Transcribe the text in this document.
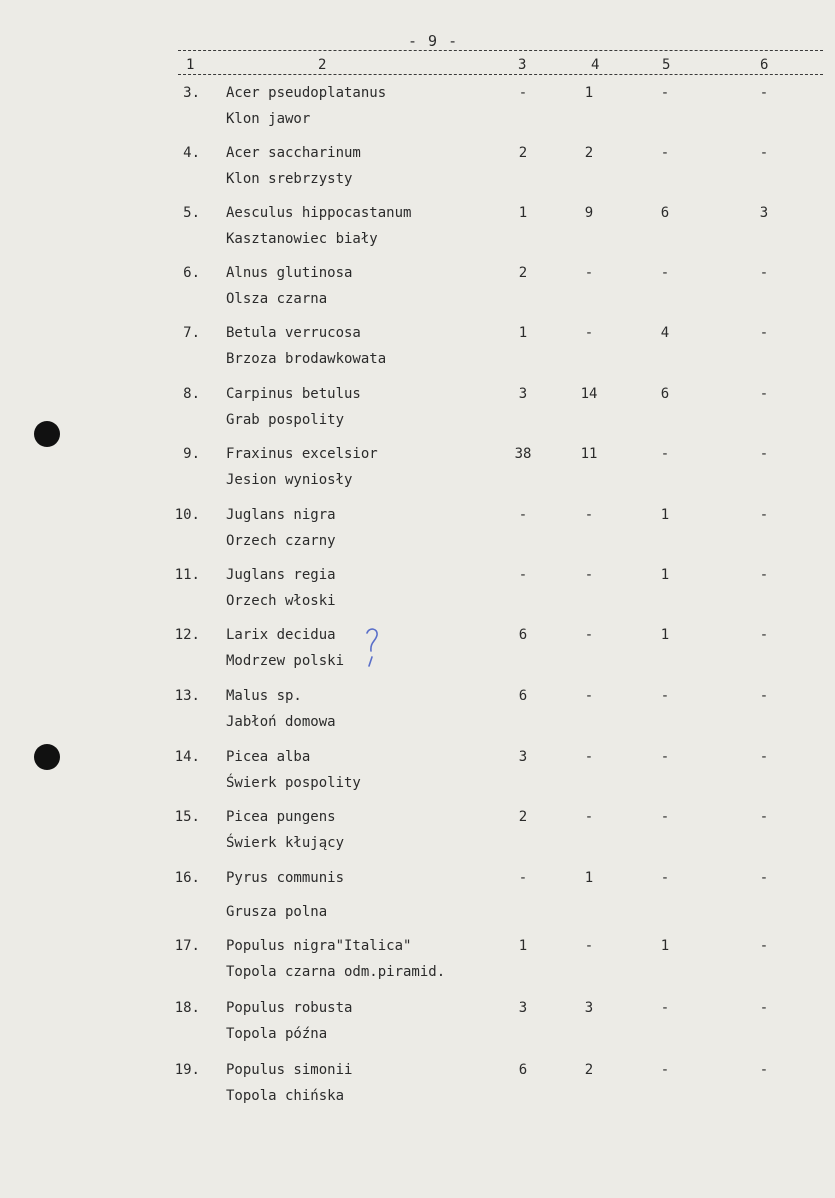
- 9 -
1	2	3	4	5	6
3. Acer pseudoplatanus
Klon jawor
-	1	-	-
4. Acer saccharinum
Klon srebrzysty
2	2	-	-
5. Aesculus hippocastanum
Kasztanowiec biały
1	9	6	3
6. Alnus glutinosa
Olsza czarna
2	-	-	-
7. Betula verrucosa
Brzoza brodawkowata
1	-	4	-
8. Carpinus betulus
Grab pospolity
3	14	6	-
9. Fraxinus excelsior
Jesion wyniosły
38	11	-	-
10. Juglans nigra
Orzech czarny
-	-	1	-
11. Juglans regia
Orzech włoski
-	-	1	-
12. Larix decidua
Modrzew polski
6	-	1	-
13. Malus sp.
Jabłoń domowa
6	-	-	-
14. Picea alba
Świerk pospolity
3	-	-	-
15. Picea pungens
Świerk kłujący
2	-	-	-
16. Pyrus communis
Grusza polna
-	1	-	-
17. Populus nigra"Italica"
Topola czarna odm.piramid.
1	-	1	-
18. Populus robusta
Topola późna
3	3	-	-
19. Populus simonii
Topola chińska
6	2	-	-
